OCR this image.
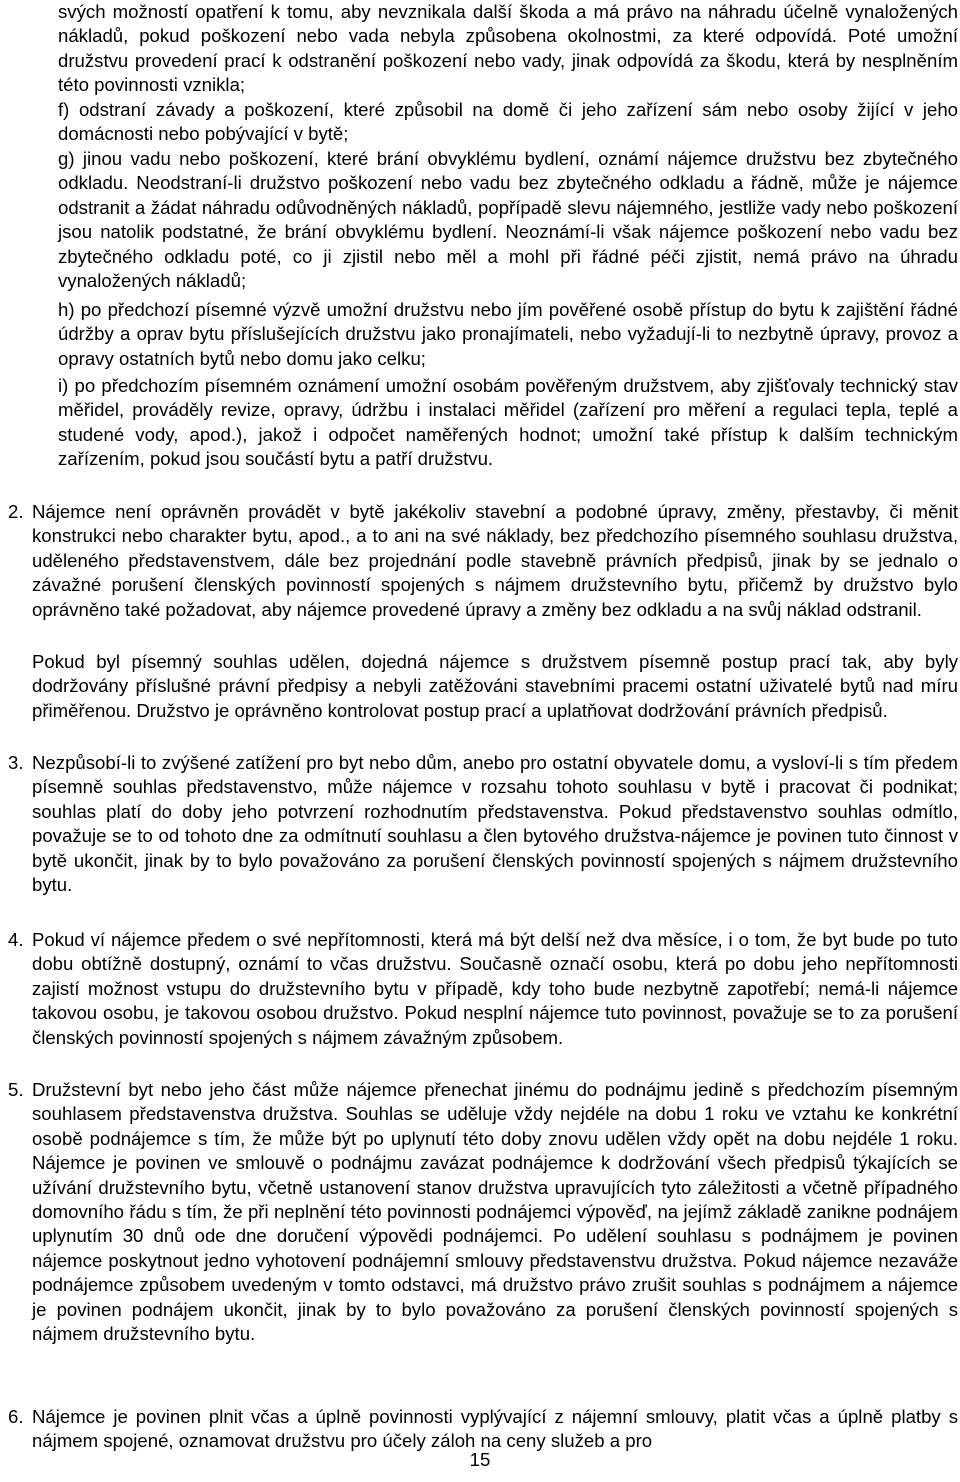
svých možností opatření k tomu, aby nevznikala další škoda a má právo na náhradu účelně vynaložených nákladů, pokud poškození nebo vada nebyla způsobena okolnostmi, za které odpovídá. Poté umožní družstvu provedení prací k odstranění poškození nebo vady, jinak odpovídá za škodu, která by nesplněním této povinnosti vznikla;

f) odstraní závady a poškození, které způsobil na domě či jeho zařízení sám nebo osoby žijící v jeho domácnosti nebo pobývající v bytě;

g) jinou vadu nebo poškození, které brání obvyklému bydlení, oznámí nájemce družstvu bez zbytečného odkladu. Neodstraní-li družstvo poškození nebo vadu bez zbytečného odkladu a řádně, může je nájemce odstranit a žádat náhradu odůvodněných nákladů, popřípadě slevu nájemného, jestliže vady nebo poškození jsou natolik podstatné, že brání obvyklému bydlení. Neoznámí-li však nájemce poškození nebo vadu bez zbytečného odkladu poté, co ji zjistil nebo měl a mohl při řádné péči zjistit, nemá právo na úhradu vynaložených nákladů;

h) po předchozí písemné výzvě umožní družstvu nebo jím pověřené osobě přístup do bytu k zajištění řádné údržby a oprav bytu příslušejících družstvu jako pronajímateli, nebo vyžadují-li to nezbytně úpravy, provoz a opravy ostatních bytů nebo domu jako celku;

i) po předchozím písemném oznámení umožní osobám pověřeným družstvem, aby zjišťovaly technický stav měřidel, prováděly revize, opravy, údržbu i instalaci měřidel (zařízení pro měření a regulaci tepla, teplé a studené vody, apod.), jakož i odpočet naměřených hodnot; umožní také přístup k dalším technickým zařízením, pokud jsou součástí bytu a patří družstvu.

2. Nájemce není oprávněn provádět v bytě jakékoliv stavební a podobné úpravy, změny, přestavby, či měnit konstrukci nebo charakter bytu, apod., a to ani na své náklady, bez předchozího písemného souhlasu družstva, uděleného představenstvem, dále bez projednání podle stavebně právních předpisů, jinak by se jednalo o závažné porušení členských povinností spojených s nájmem družstevního bytu, přičemž by družstvo bylo oprávněno také požadovat, aby nájemce provedené úpravy a změny bez odkladu a na svůj náklad odstranil.

Pokud byl písemný souhlas udělen, dojedná nájemce s družstvem písemně postup prací tak, aby byly dodržovány příslušné právní předpisy a nebyli zatěžováni stavebními pracemi ostatní uživatelé bytů nad míru přiměřenou. Družstvo je oprávněno kontrolovat postup prací a uplatňovat dodržování právních předpisů.

3. Nezpůsobí-li to zvýšené zatížení pro byt nebo dům, anebo pro ostatní obyvatele domu, a vysloví-li s tím předem písemně souhlas představenstvo, může nájemce v rozsahu tohoto souhlasu v bytě i pracovat či podnikat; souhlas platí do doby jeho potvrzení rozhodnutím představenstva. Pokud představenstvo souhlas odmítlo, považuje se to od tohoto dne za odmítnutí souhlasu a člen bytového družstva-nájemce je povinen tuto činnost v bytě ukončit, jinak by to bylo považováno za porušení členských povinností spojených s nájmem družstevního bytu.

4. Pokud ví nájemce předem o své nepřítomnosti, která má být delší než dva měsíce, i o tom, že byt bude po tuto dobu obtížně dostupný, oznámí to včas družstvu. Současně označí osobu, která po dobu jeho nepřítomnosti zajistí možnost vstupu do družstevního bytu v případě, kdy toho bude nezbytně zapotřebí; nemá-li nájemce takovou osobu, je takovou osobou družstvo. Pokud nesplní nájemce tuto povinnost, považuje se to za porušení členských povinností spojených s nájmem závažným způsobem.

5. Družstevní byt nebo jeho část může nájemce přenechat jinému do podnájmu jedině s předchozím písemným souhlasem představenstva družstva. Souhlas se uděluje vždy nejdéle na dobu 1 roku ve vztahu ke konkrétní osobě podnájemce s tím, že může být po uplynutí této doby znovu udělen vždy opět na dobu nejdéle 1 roku. Nájemce je povinen ve smlouvě o podnájmu zavázat podnájemce k dodržování všech předpisů týkajících se užívání družstevního bytu, včetně ustanovení stanov družstva upravujících tyto záležitosti a včetně případného domovního řádu s tím, že při neplnění této povinnosti podnájemci výpověď, na jejímž základě zanikne podnájem uplynutím 30 dnů ode dne doručení výpovědi podnájemci. Po udělení souhlasu s podnájmem je povinen nájemce poskytnout jedno vyhotovení podnájemní smlouvy představenstvu družstva. Pokud nájemce nezaváže podnájemce způsobem uvedeným v tomto odstavci, má družstvo právo zrušit souhlas s podnájmem a nájemce je povinen podnájem ukončit, jinak by to bylo považováno za porušení členských povinností spojených s nájmem družstevního bytu.

6. Nájemce je povinen plnit včas a úplně povinnosti vyplývající z nájemní smlouvy, platit včas a úplně platby s nájmem spojené, oznamovat družstvu pro účely záloh na ceny služeb a pro

15
